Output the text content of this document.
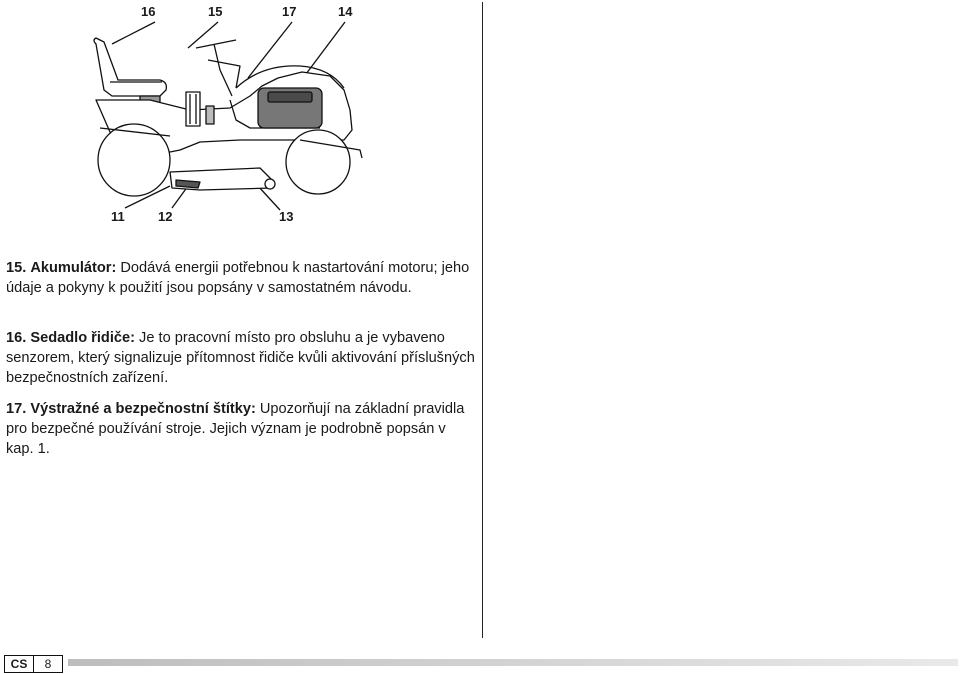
16	15	17	14
11	12	13
15. Akumulátor: Dodává energii potřebnou k nastartování motoru; jeho údaje a pokyny k použití jsou popsány v samostatném návodu.
16. Sedadlo řidiče: Je to pracovní místo pro obsluhu a je vybaveno senzorem, který signalizuje přítomnost řidiče kvůli aktivování příslušných bezpečnostních zařízení.
17. Výstražné a bezpečnostní štítky: Upozorňují na základní pravidla pro bezpečné používání stroje. Jejich význam je podrobně popsán v kap. 1.
CS	8
